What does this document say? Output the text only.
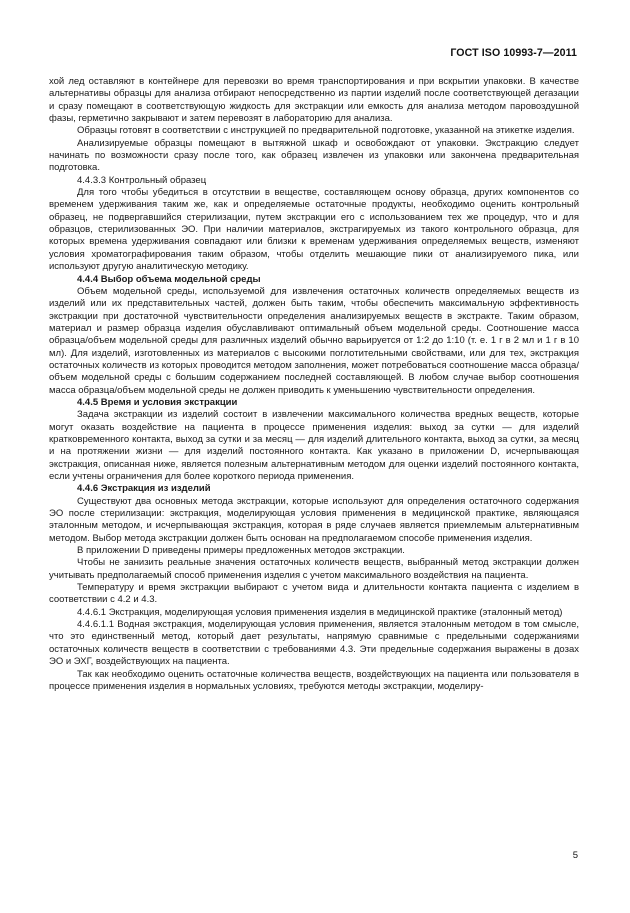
ГОСТ ISO 10993-7—2011

хой лед оставляют в контейнере для перевозки во время транспортирования и при вскрытии упаковки. В качестве альтернативы образцы для анализа отбирают непосредственно из партии изделий после соответствующей дегазации и сразу помещают в соответствующую жидкость для экстракции или емкость для анализа методом паровоздушной фазы, герметично закрывают и затем перевозят в лабораторию для анализа.

Образцы готовят в соответствии с инструкцией по предварительной подготовке, указанной на этикетке изделия.

Анализируемые образцы помещают в вытяжной шкаф и освобождают от упаковки. Экстракцию следует начинать по возможности сразу после того, как образец извлечен из упаковки или закончена предварительная подготовка.

4.4.3.3 Контрольный образец

Для того чтобы убедиться в отсутствии в веществе, составляющем основу образца, других компонентов со временем удерживания таким же, как и определяемые остаточные продукты, необходимо оценить контрольный образец, не подвергавшийся стерилизации, путем экстракции его с использованием тех же процедур, что и для образцов, стерилизованных ЭО. При наличии материалов, экстрагируемых из такого контрольного образца, для которых времена удерживания совпадают или близки к временам удерживания определяемых веществ, изменяют условия хроматографирования таким образом, чтобы отделить мешающие пики от анализируемого пика, или используют другую аналитическую методику.

4.4.4 Выбор объема модельной среды

Объем модельной среды, используемой для извлечения остаточных количеств определяемых веществ из изделий или их представительных частей, должен быть таким, чтобы обеспечить максимальную эффективность экстракции при достаточной чувствительности определения анализируемых веществ в экстракте. Таким образом, материал и размер образца изделия обуславливают оптимальный объем модельной среды. Соотношение масса образца/объем модельной среды для различных изделий обычно варьируется от 1:2 до 1:10 (т. е. 1 г в 2 мл и 1 г в 10 мл). Для изделий, изготовленных из материалов с высокими поглотительными свойствами, или для тех, экстракция остаточных количеств из которых проводится методом заполнения, может потребоваться соотношение масса образца/объем модельной среды с большим содержанием последней составляющей. В любом случае выбор соотношения масса образца/объем модельной среды не должен приводить к уменьшению чувствительности определения.

4.4.5 Время и условия экстракции

Задача экстракции из изделий состоит в извлечении максимального количества вредных веществ, которые могут оказать воздействие на пациента в процессе применения изделия: выход за сутки — для изделий кратковременного контакта, выход за сутки и за месяц — для изделий длительного контакта, выход за сутки, за месяц и на протяжении жизни — для изделий постоянного контакта. Как указано в приложении D, исчерпывающая экстракция, описанная ниже, является полезным альтернативным методом для оценки изделий постоянного контакта, если учтены ограничения для более короткого периода применения.

4.4.6 Экстракция из изделий

Существуют два основных метода экстракции, которые используют для определения остаточного содержания ЭО после стерилизации: экстракция, моделирующая условия применения в медицинской практике, являющаяся эталонным методом, и исчерпывающая экстракция, которая в ряде случаев является приемлемым альтернативным методом. Выбор метода экстракции должен быть основан на предполагаемом способе применения изделия.

В приложении D приведены примеры предложенных методов экстракции.

Чтобы не занизить реальные значения остаточных количеств веществ, выбранный метод экстракции должен учитывать предполагаемый способ применения изделия с учетом максимального воздействия на пациента.

Температуру и время экстракции выбирают с учетом вида и длительности контакта пациента с изделием в соответствии с 4.2 и 4.3.

4.4.6.1 Экстракция, моделирующая условия применения изделия в медицинской практике (эталонный метод)

4.4.6.1.1 Водная экстракция, моделирующая условия применения, является эталонным методом в том смысле, что это единственный метод, который дает результаты, напрямую сравнимые с предельными содержаниями остаточных количеств веществ в соответствии с требованиями 4.3. Эти предельные содержания выражены в дозах ЭО и ЭХГ, воздействующих на пациента.

Так как необходимо оценить остаточные количества веществ, воздействующих на пациента или пользователя в процессе применения изделия в нормальных условиях, требуются методы экстракции, моделиру-

5
